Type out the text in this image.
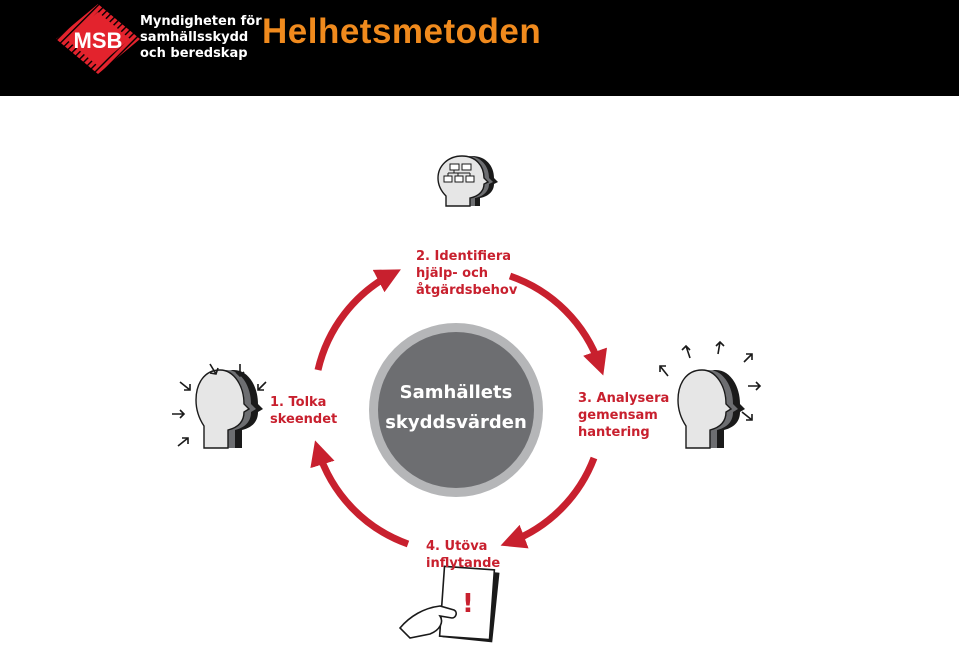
MSB
Myndigheten för
samhällsskydd
och beredskap
Helhetsmetoden
!
Samhällets
skyddsvärden
1. Tolka
skeendet
2. Identifiera
hjälp- och
åtgärdsbehov
3. Analysera
gemensam
hantering
4. Utöva
inflytande
